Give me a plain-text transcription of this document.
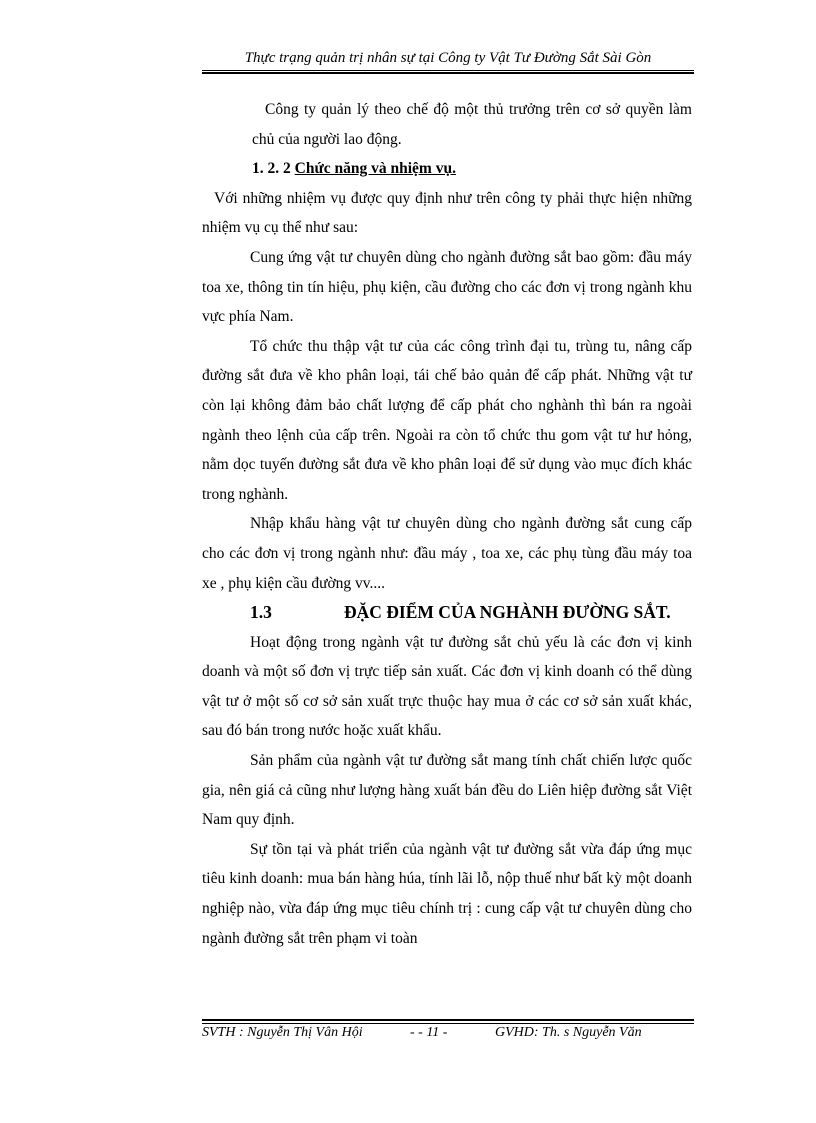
Thực trạng quản trị nhân sự tại Công ty Vật Tư Đường Sắt Sài Gòn

Công ty quản lý theo chế độ một thủ trưởng trên cơ sở quyền làm chủ của người lao động.

1. 2. 2 Chức năng và nhiệm vụ.

Với những nhiệm vụ được quy định như trên công ty phải thực hiện những nhiệm vụ cụ thể như sau:

Cung ứng vật tư chuyên dùng cho ngành đường sắt bao gồm: đầu máy toa xe, thông tin tín hiệu, phụ kiện, cầu đường cho các đơn vị trong ngành khu vực phía Nam.

Tổ chức thu thập vật tư của các công trình đại tu, trùng tu, nâng cấp đường sắt đưa về kho phân loại, tái chế bảo quản để cấp phát. Những vật tư còn lại không đảm bảo chất lượng để cấp phát cho nghành thì bán ra ngoài ngành theo lệnh của cấp trên. Ngoài ra còn tổ chức thu gom vật tư hư hỏng, nằm dọc tuyến đường sắt đưa về kho phân loại để sử dụng vào mục đích khác trong nghành.

Nhập khẩu hàng vật tư chuyên dùng cho ngành đường sắt cung cấp cho các đơn vị trong ngành như: đầu máy , toa xe, các phụ tùng đầu máy toa xe , phụ kiện cầu đường vv....

1.3	ĐẶC ĐIỂM CỦA NGHÀNH ĐƯỜNG SẮT.

Hoạt động trong ngành vật tư đường sắt chủ yếu là các đơn vị kinh doanh và một số đơn vị trực tiếp sản xuất. Các đơn vị kinh doanh có thể dùng vật tư ở một số cơ sở sản xuất trực thuộc hay mua ở các cơ sở sản xuất khác, sau đó bán trong nước hoặc xuất khẩu.

Sản phẩm của ngành vật tư đường sắt mang tính chất chiến lược quốc gia, nên giá cả cũng như lượng hàng xuất bán đều do Liên hiệp đường sắt Việt Nam quy định.

Sự tồn tại và phát triển của ngành vật tư đường sắt vừa đáp ứng mục tiêu kinh doanh: mua bán hàng húa, tính lãi lỗ, nộp thuế như bất kỳ một doanh nghiệp nào, vừa đáp ứng mục tiêu chính trị : cung cấp vật tư chuyên dùng cho ngành đường sắt trên phạm vi toàn

SVTH : Nguyễn Thị Vân Hội	- - 11 -	GVHD: Th. s Nguyễn Văn
